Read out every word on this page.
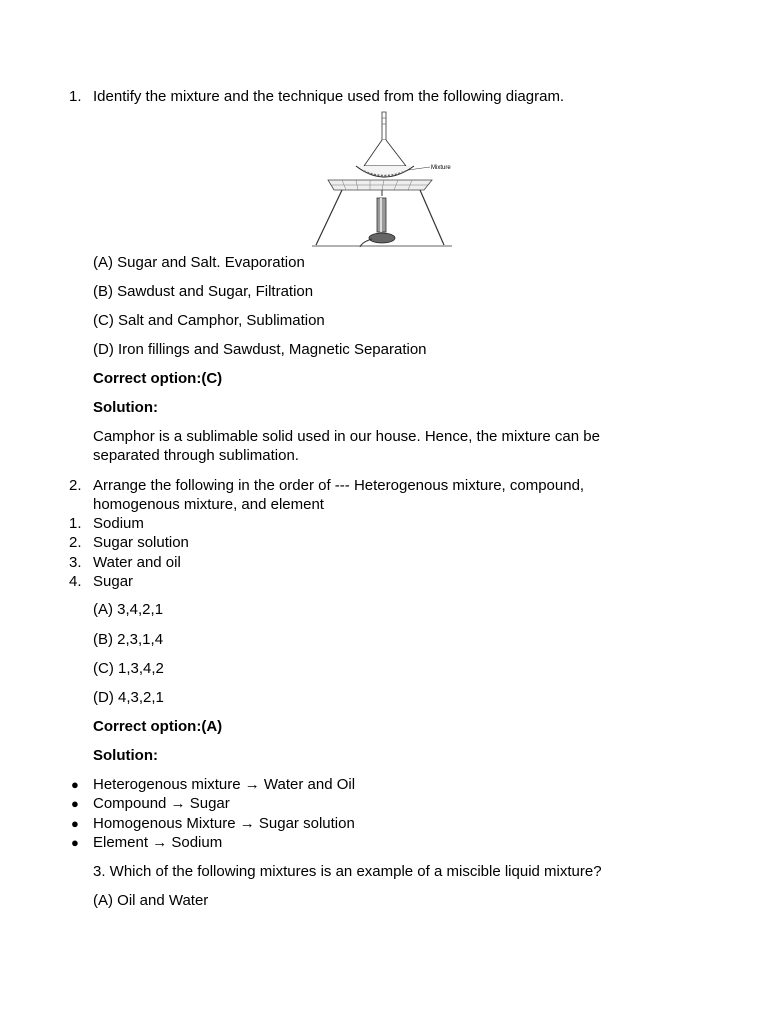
1. Identify the mixture and the technique used from the following diagram.
Mixture
(A) Sugar and Salt. Evaporation
(B) Sawdust and Sugar, Filtration
(C) Salt and Camphor, Sublimation
(D) Iron fillings and Sawdust, Magnetic Separation
Correct option:(C)
Solution:
Camphor is a sublimable solid used in our house. Hence, the mixture can be
separated through sublimation.
2. Arrange the following in the order of --- Heterogenous mixture, compound,
homogenous mixture, and element
1. Sodium
2. Sugar solution
3. Water and oil
4. Sugar
(A) 3,4,2,1
(B) 2,3,1,4
(C) 1,3,4,2
(D) 4,3,2,1
Correct option:(A)
Solution:
● Heterogenous mixture → Water and Oil
● Compound → Sugar
● Homogenous Mixture → Sugar solution
● Element → Sodium
3. Which of the following mixtures is an example of a miscible liquid mixture?
(A) Oil and Water
